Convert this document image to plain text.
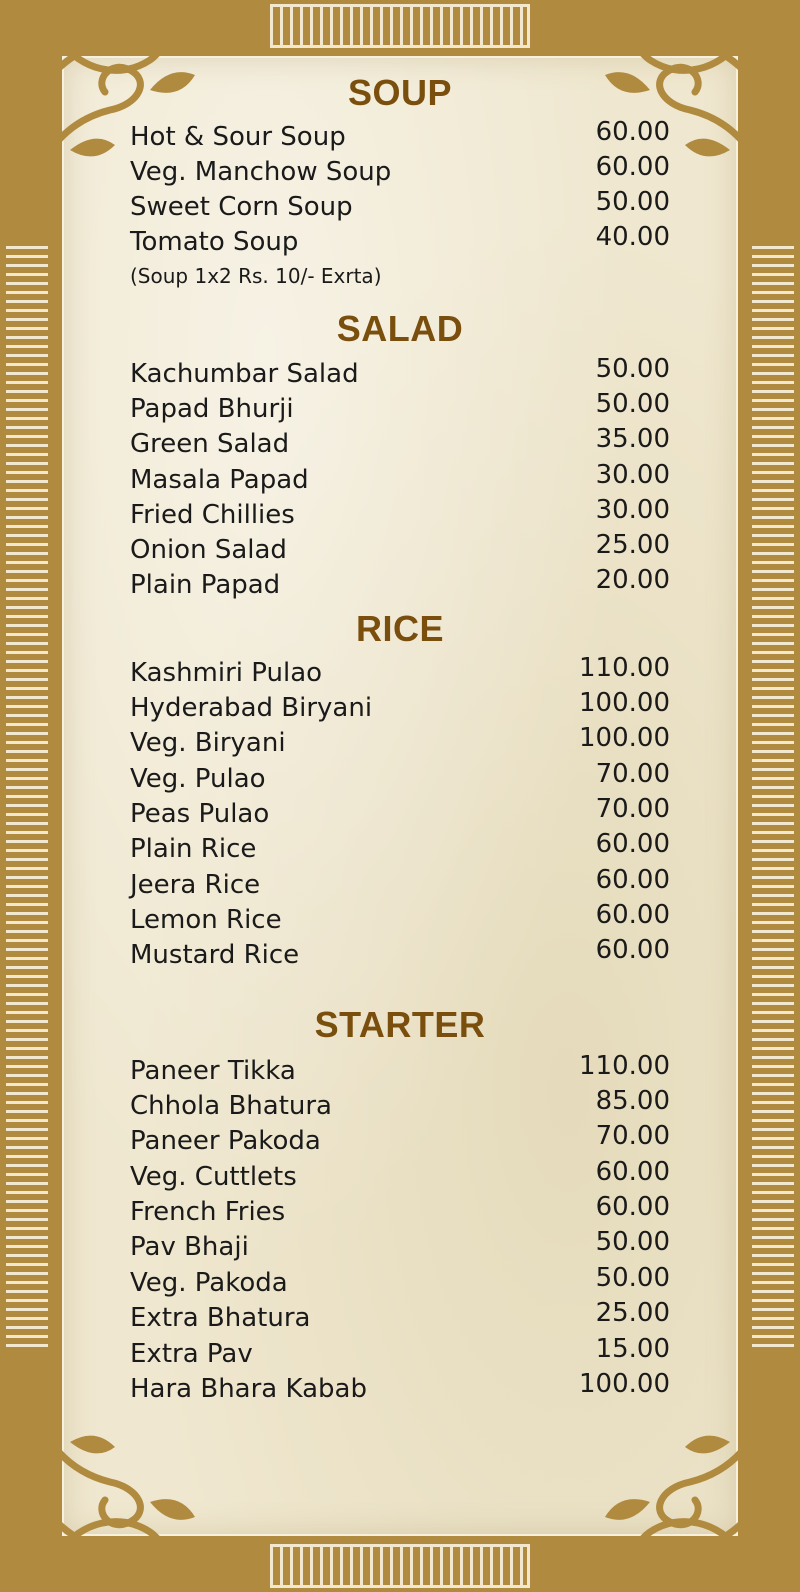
SOUP
Hot & Sour Soup	60.00
Veg. Manchow Soup	60.00
Sweet Corn Soup	50.00
Tomato Soup	40.00
(Soup 1x2 Rs. 10/- Exrta)
SALAD
Kachumbar Salad	50.00
Papad Bhurji	50.00
Green Salad	35.00
Masala Papad	30.00
Fried Chillies	30.00
Onion Salad	25.00
Plain Papad	20.00
RICE
Kashmiri Pulao	110.00
Hyderabad Biryani	100.00
Veg. Biryani	100.00
Veg. Pulao	70.00
Peas Pulao	70.00
Plain Rice	60.00
Jeera Rice	60.00
Lemon Rice	60.00
Mustard Rice	60.00
STARTER
Paneer Tikka	110.00
Chhola Bhatura	85.00
Paneer Pakoda	70.00
Veg. Cuttlets	60.00
French Fries	60.00
Pav Bhaji	50.00
Veg. Pakoda	50.00
Extra Bhatura	25.00
Extra Pav	15.00
Hara Bhara Kabab	100.00
